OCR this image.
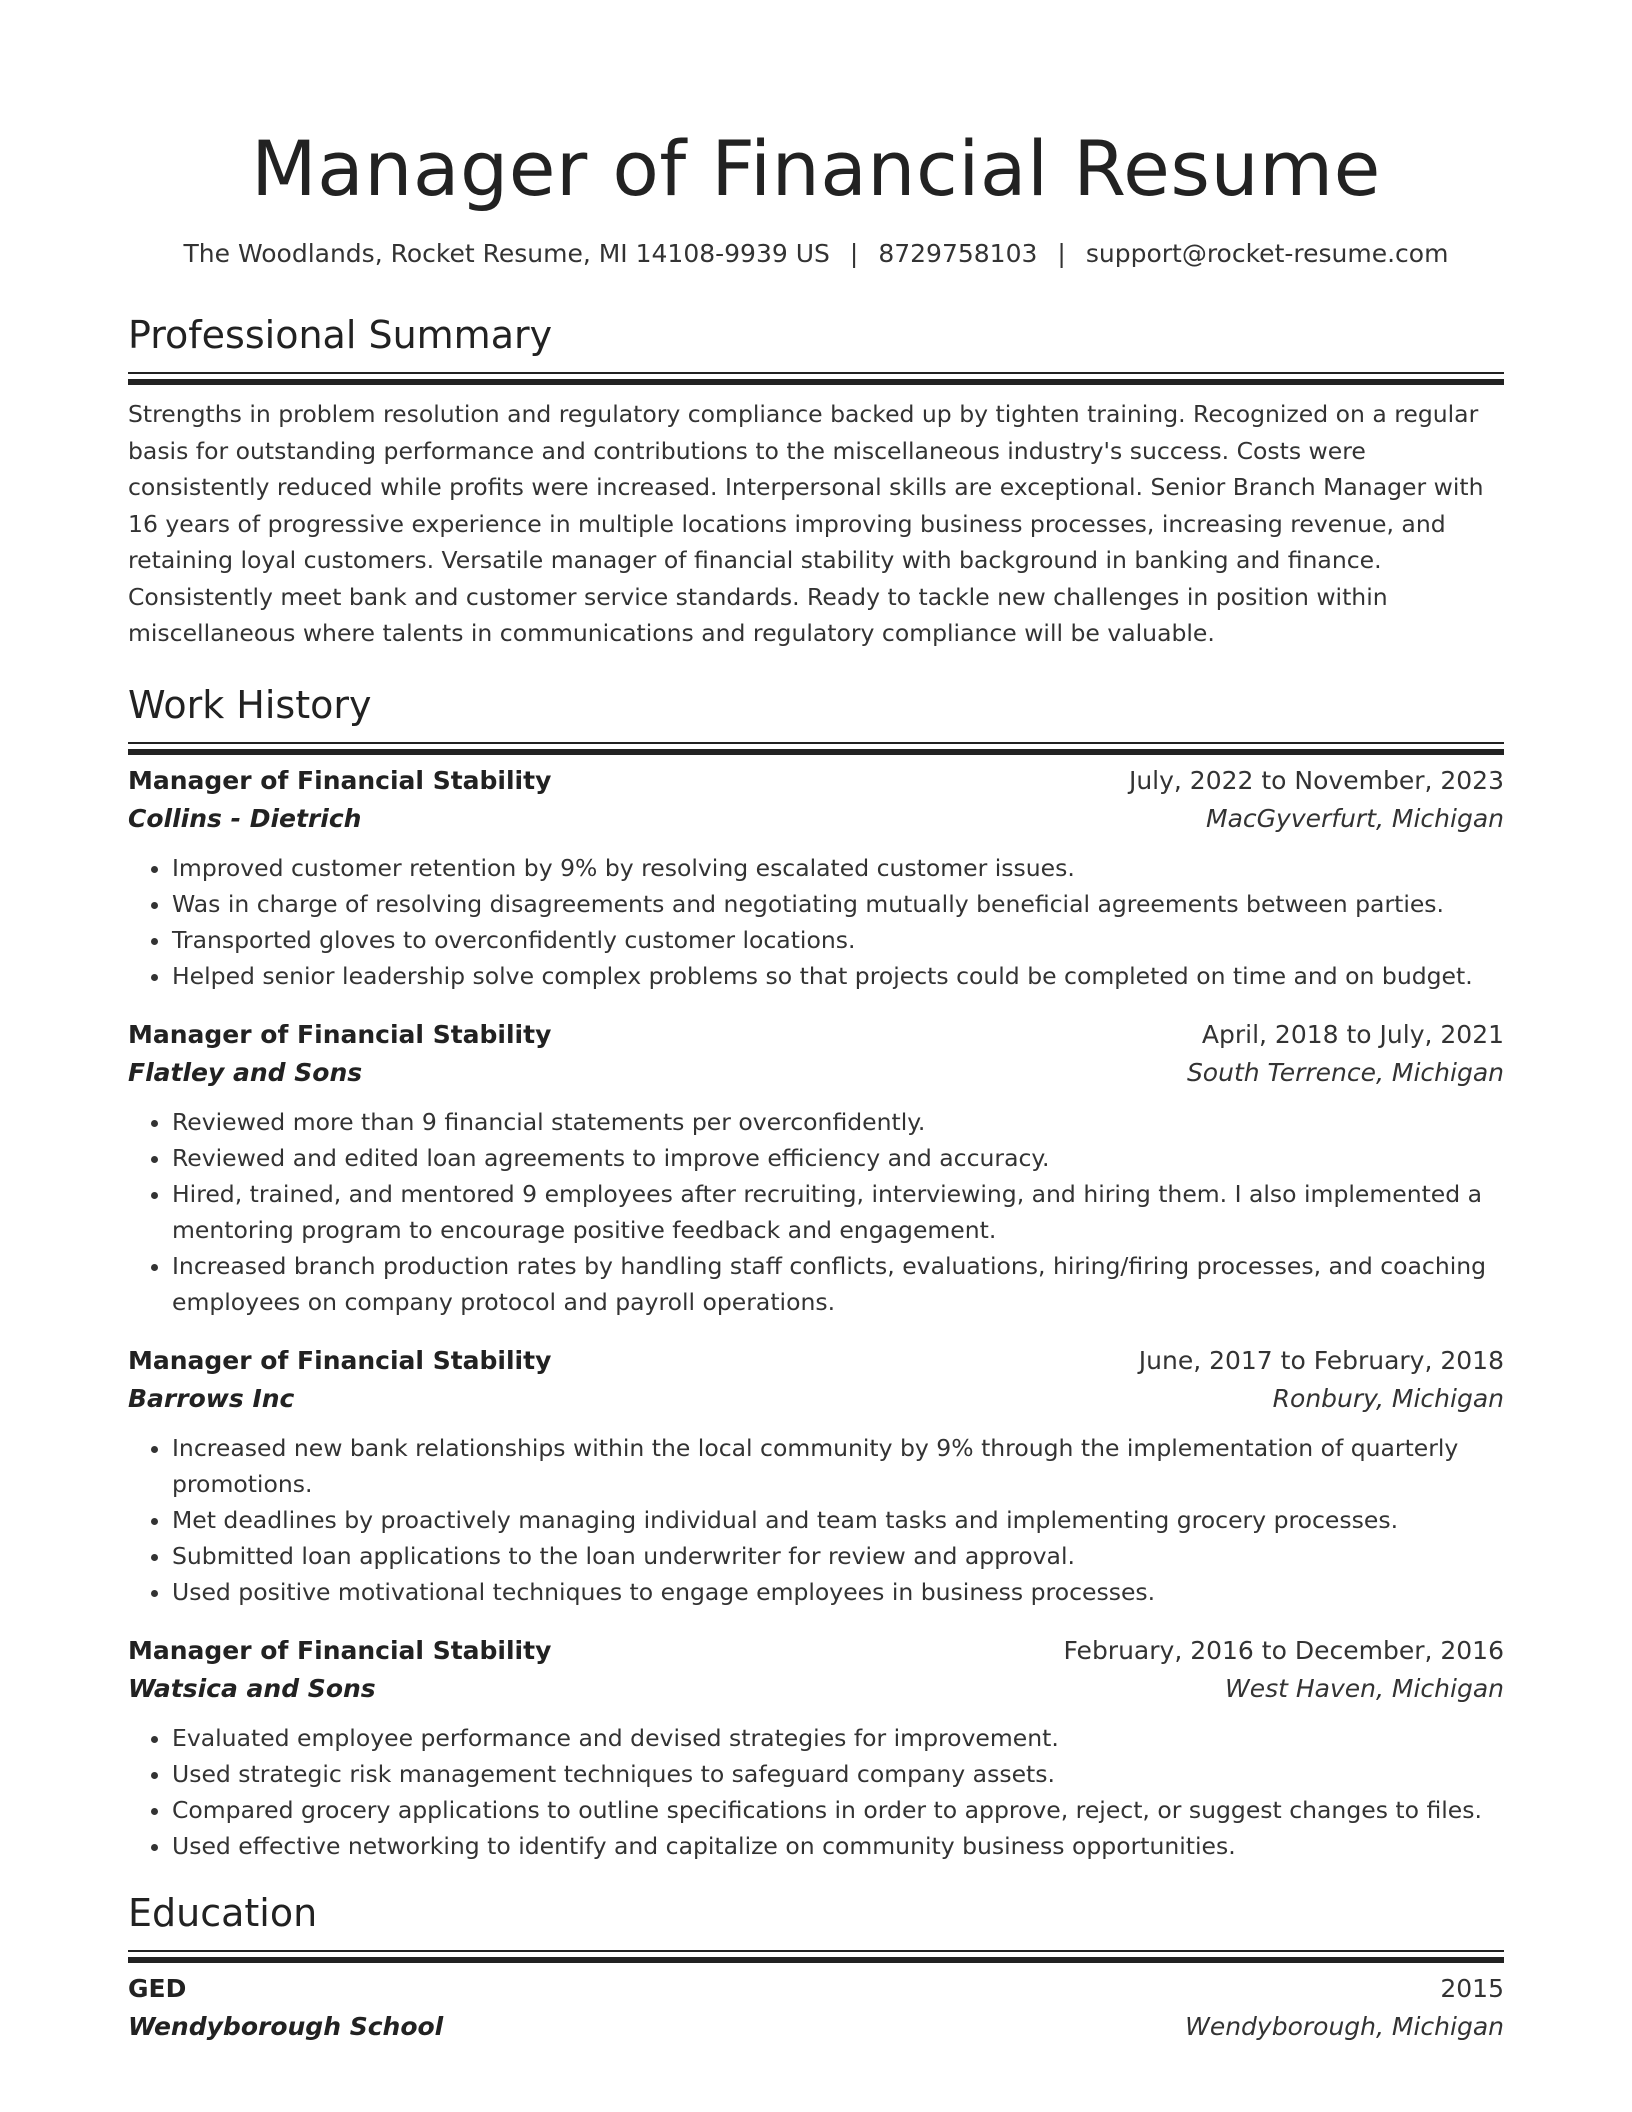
Manager of Financial Resume
The Woodlands, Rocket Resume, MI 14108-9939 US | 8729758103 | support@rocket-resume.com
Professional Summary
Strengths in problem resolution and regulatory compliance backed up by tighten training. Recognized on a regular basis for outstanding performance and contributions to the miscellaneous industry's success. Costs were consistently reduced while profits were increased. Interpersonal skills are exceptional. Senior Branch Manager with 16 years of progressive experience in multiple locations improving business processes, increasing revenue, and retaining loyal customers. Versatile manager of financial stability with background in banking and finance. Consistently meet bank and customer service standards. Ready to tackle new challenges in position within miscellaneous where talents in communications and regulatory compliance will be valuable.
Work History
Manager of Financial Stability	July, 2022 to November, 2023
Collins - Dietrich	MacGyverfurt, Michigan
• Improved customer retention by 9% by resolving escalated customer issues.
• Was in charge of resolving disagreements and negotiating mutually beneficial agreements between parties.
• Transported gloves to overconfidently customer locations.
• Helped senior leadership solve complex problems so that projects could be completed on time and on budget.
Manager of Financial Stability	April, 2018 to July, 2021
Flatley and Sons	South Terrence, Michigan
• Reviewed more than 9 financial statements per overconfidently.
• Reviewed and edited loan agreements to improve efficiency and accuracy.
• Hired, trained, and mentored 9 employees after recruiting, interviewing, and hiring them. I also implemented a mentoring program to encourage positive feedback and engagement.
• Increased branch production rates by handling staff conflicts, evaluations, hiring/firing processes, and coaching employees on company protocol and payroll operations.
Manager of Financial Stability	June, 2017 to February, 2018
Barrows Inc	Ronbury, Michigan
• Increased new bank relationships within the local community by 9% through the implementation of quarterly promotions.
• Met deadlines by proactively managing individual and team tasks and implementing grocery processes.
• Submitted loan applications to the loan underwriter for review and approval.
• Used positive motivational techniques to engage employees in business processes.
Manager of Financial Stability	February, 2016 to December, 2016
Watsica and Sons	West Haven, Michigan
• Evaluated employee performance and devised strategies for improvement.
• Used strategic risk management techniques to safeguard company assets.
• Compared grocery applications to outline specifications in order to approve, reject, or suggest changes to files.
• Used effective networking to identify and capitalize on community business opportunities.
Education
GED	2015
Wendyborough School	Wendyborough, Michigan
